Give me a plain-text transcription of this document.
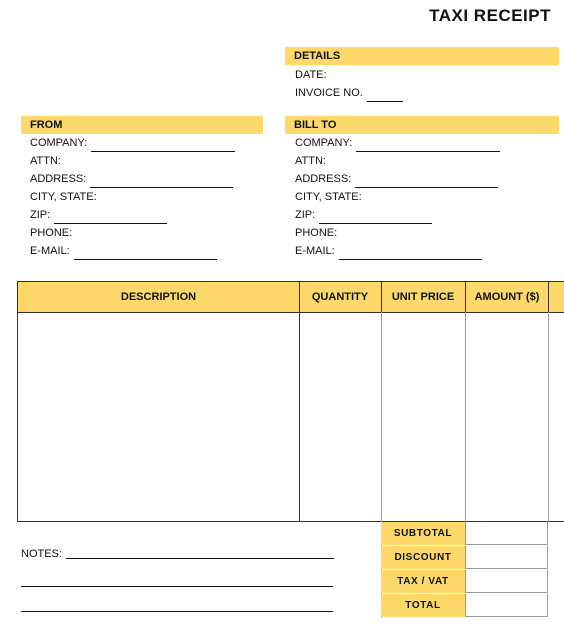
TAXI RECEIPT
DETAILS
DATE:
INVOICE NO.
FROM
COMPANY:
ATTN:
ADDRESS:
CITY, STATE:
ZIP:
PHONE:
E-MAIL:
BILL TO
COMPANY:
ATTN:
ADDRESS:
CITY, STATE:
ZIP:
PHONE:
E-MAIL:
DESCRIPTION	QUANTITY	UNIT PRICE	AMOUNT ($)
SUBTOTAL
DISCOUNT
TAX / VAT
TOTAL
NOTES:
